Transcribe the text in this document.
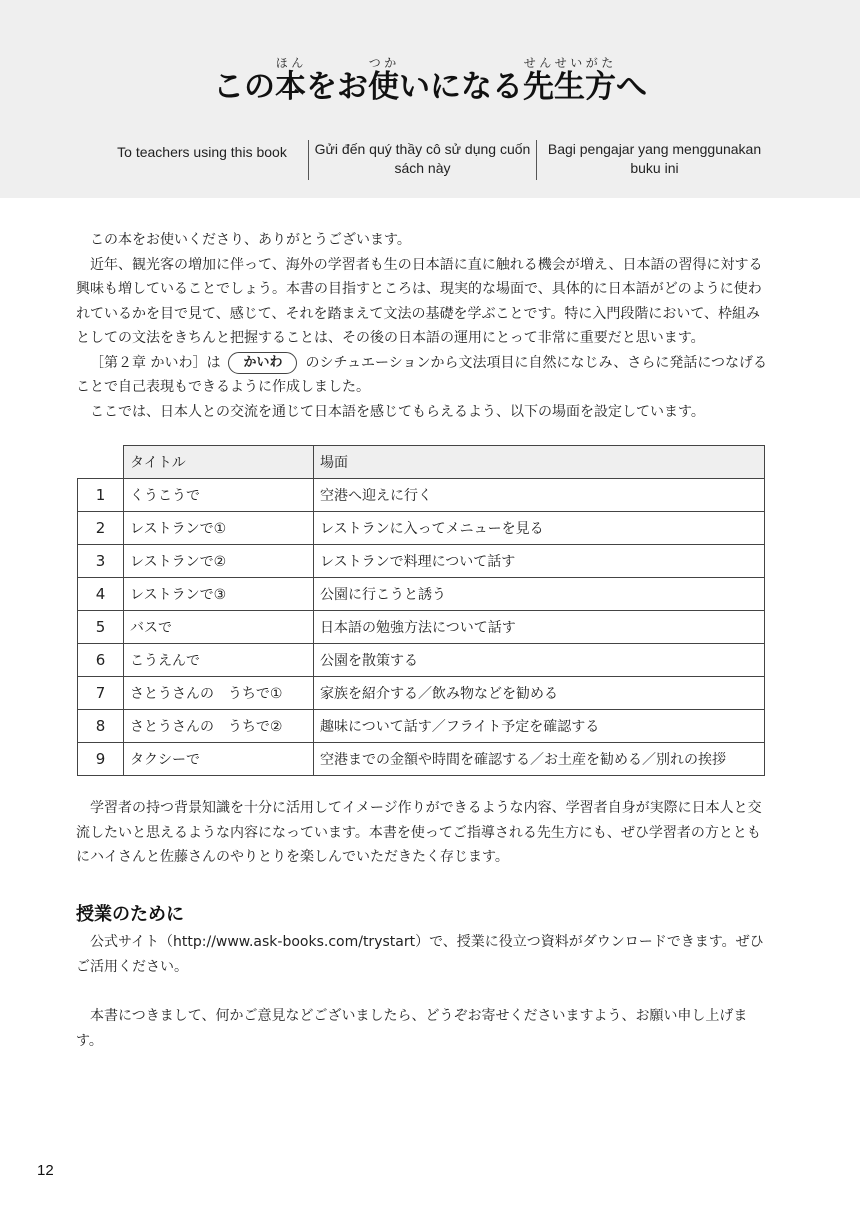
この本ほんをお使つかいになる先生方せんせいがたへ
To teachers using this book	Gửi đến quý thầy cô sử dụng cuốn sách này
Bagi pengajar yang menggunakan buku ini

この本をお使いくださり、ありがとうございます。

近年、観光客の増加に伴って、海外の学習者も生の日本語に直に触れる機会が増え、日本語の習得に対する興味も増していることでしょう。本書の目指すところは、現実的な場面で、具体的に日本語がどのように使われているかを目で見て、感じて、それを踏まえて文法の基礎を学ぶことです。特に入門段階において、枠組みとしての文法をきちんと把握することは、その後の日本語の運用にとって非常に重要だと思います。

［第２章 かいわ］は かいわ のシチュエーションから文法項目に自然になじみ、さらに発話につなげることで自己表現もできるように作成しました。

ここでは、日本人との交流を通じて日本語を感じてもらえるよう、以下の場面を設定しています。

	タイトル	場面
1	くうこうで	空港へ迎えに行く
2	レストランで①	レストランに入ってメニューを見る
3	レストランで②	レストランで料理について話す
4	レストランで③	公園に行こうと誘う
5	バスで	日本語の勉強方法について話す
6	こうえんで	公園を散策する
7	さとうさんの　うちで①	家族を紹介する／飲み物などを勧める
8	さとうさんの　うちで②	趣味について話す／フライト予定を確認する
9	タクシーで	空港までの金額や時間を確認する／お土産を勧める／別れの挨拶

学習者の持つ背景知識を十分に活用してイメージ作りができるような内容、学習者自身が実際に日本人と交流したいと思えるような内容になっています。本書を使ってご指導される先生方にも、ぜひ学習者の方とともにハイさんと佐藤さんのやりとりを楽しんでいただきたく存じます。

授業のために

公式サイト（http://www.ask-books.com/trystart）で、授業に役立つ資料がダウンロードできます。ぜひご活用ください。

本書につきまして、何かご意見などございましたら、どうぞお寄せくださいますよう、お願い申し上げます。

12
